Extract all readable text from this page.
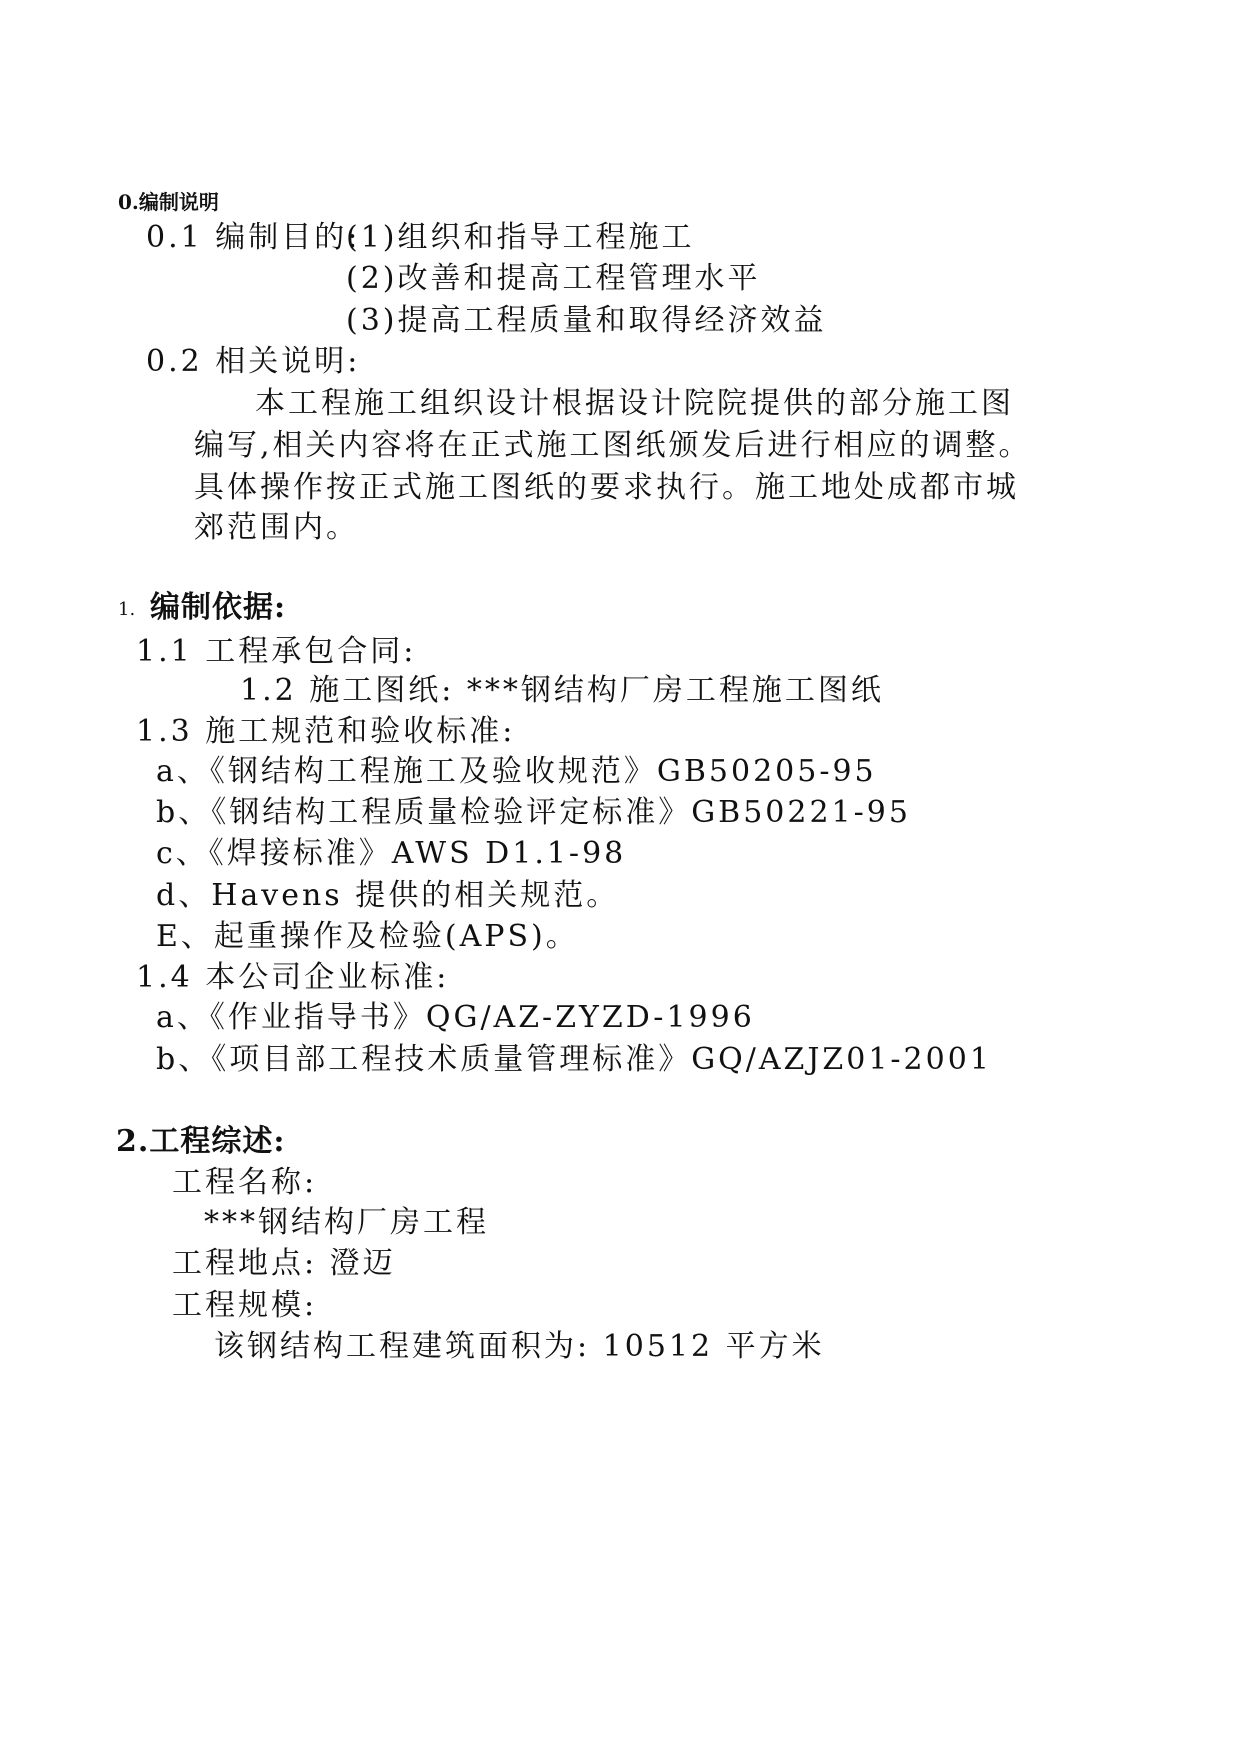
0.编制说明
0.1 编制目的:
(1)组织和指导工程施工
(2)改善和提高工程管理水平
(3)提高工程质量和取得经济效益
0.2 相关说明:
本工程施工组织设计根据设计院院提供的部分施工图
编写,相关内容将在正式施工图纸颁发后进行相应的调整。
具体操作按正式施工图纸的要求执行。施工地处成都市城
郊范围内。
1. 编制依据:
1.1 工程承包合同:
1.2 施工图纸: ***钢结构厂房工程施工图纸
1.3 施工规范和验收标准:
a、《钢结构工程施工及验收规范》GB50205-95
b、《钢结构工程质量检验评定标准》GB50221-95
c、《焊接标准》AWS D1.1-98
d、Havens 提供的相关规范。
E、起重操作及检验(APS)。
1.4 本公司企业标准:
a、《作业指导书》QG/AZ-ZYZD-1996
b、《项目部工程技术质量管理标准》GQ/AZJZ01-2001
2.工程综述:
工程名称:
***钢结构厂房工程
工程地点: 澄迈
工程规模:
该钢结构工程建筑面积为: 10512 平方米
